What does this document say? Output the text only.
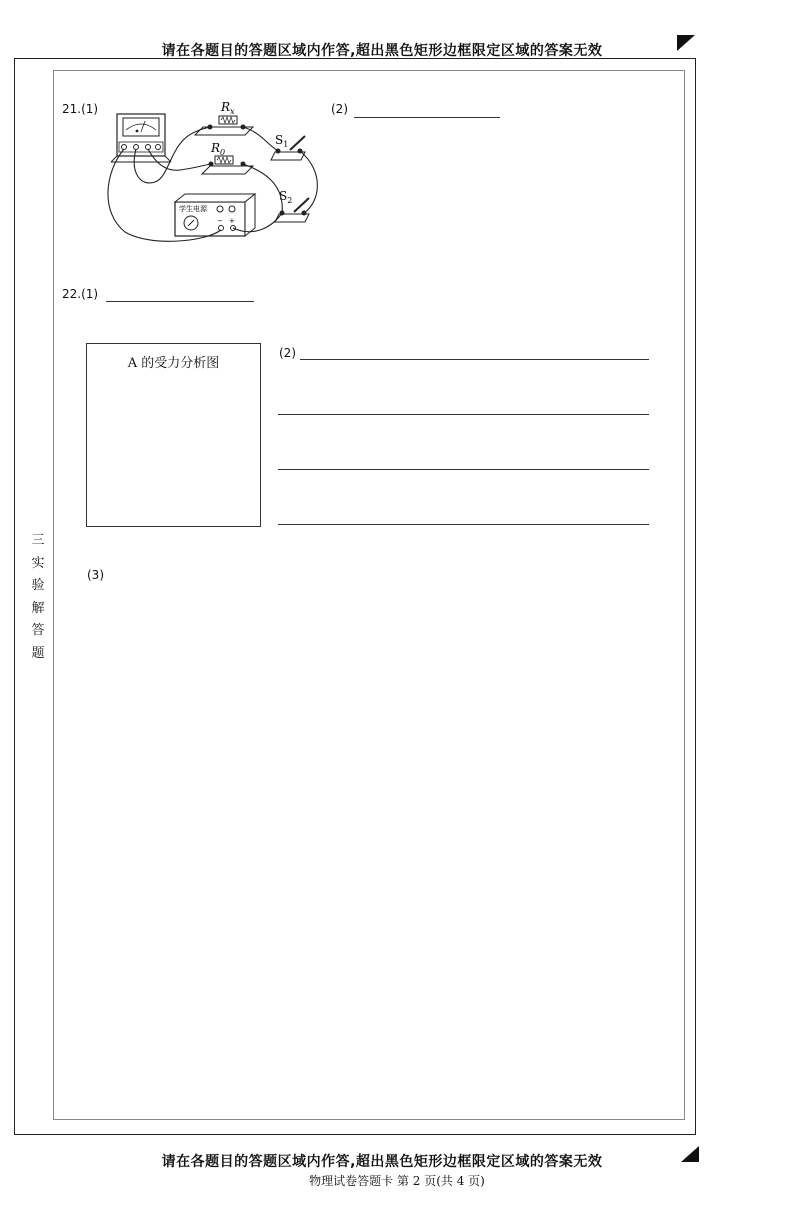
请在各题目的答题区域内作答,超出黑色矩形边框限定区域的答案无效
三
实
验
解
答
题
21.(1)	(2)
$R_x$
$R_0$
$S_1$
$S_2$
学生电源
− +
22.(1)
A 的受力分析图
(2)
(3)
请在各题目的答题区域内作答,超出黑色矩形边框限定区域的答案无效
物理试卷答题卡 第 2 页(共 4 页)
